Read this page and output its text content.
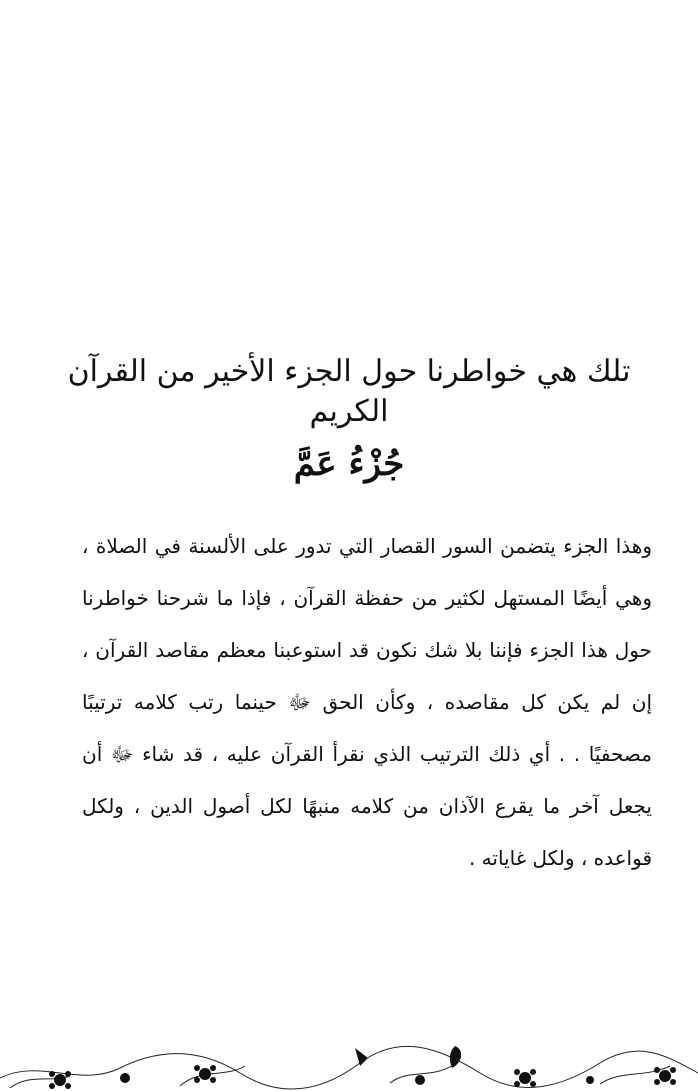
تلك هي خواطرنا حول الجزء الأخير من القرآن الكريم
جُزْءُ عَمَّ

وهذا الجزء يتضمن السور القصار التي تدور على الألسنة في الصلاة ، وهي أيضًا المستهل لكثير من حفظة القرآن ، فإذا ما شرحنا خواطرنا حول هذا الجزء فإننا بلا شك نكون قد استوعبنا معظم مقاصد القرآن ، إن لم يكن كل مقاصده ، وكأن الحق ﷻ حينما رتب كلامه ترتيبًا مصحفيًا . . أي ذلك الترتيب الذي نقرأ القرآن عليه ، قد شاء ﷻ أن يجعل آخر ما يقرع الآذان من كلامه منبهًا لكل أصول الدين ، ولكل قواعده ، ولكل غاياته .
